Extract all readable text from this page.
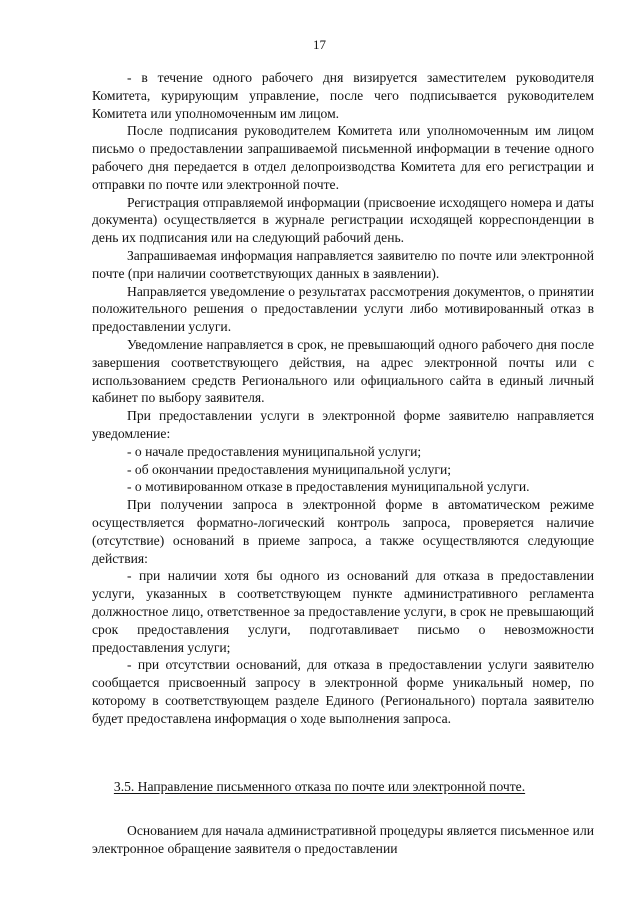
17

- в течение одного рабочего дня визируется заместителем руководителя Комитета, курирующим управление, после чего подписывается руководителем Комитета или уполномоченным им лицом.

После подписания руководителем Комитета или уполномоченным им лицом письмо о предоставлении запрашиваемой письменной информации в течение одного рабочего дня передается в отдел делопроизводства Комитета для его регистрации и отправки по почте или электронной почте.

Регистрация отправляемой информации (присвоение исходящего номера и даты документа) осуществляется в журнале регистрации исходящей корреспонденции в день их подписания или на следующий рабочий день.

Запрашиваемая информация направляется заявителю по почте или электронной почте (при наличии соответствующих данных в заявлении).

Направляется уведомление о результатах рассмотрения документов, о принятии положительного решения о предоставлении услуги либо мотивированный отказ в предоставлении услуги.

Уведомление направляется в срок, не превышающий одного рабочего дня после завершения соответствующего действия, на адрес электронной почты или с использованием средств Регионального или официального сайта в единый личный кабинет по выбору заявителя.

При предоставлении услуги в электронной форме заявителю направляется уведомление:

- о начале предоставления муниципальной услуги;

- об окончании предоставления муниципальной услуги;

- о мотивированном отказе в предоставления муниципальной услуги.

При получении запроса в электронной форме в автоматическом режиме осуществляется форматно-логический контроль запроса, проверяется наличие (отсутствие) оснований в приеме запроса, а также осуществляются следующие действия:

- при наличии хотя бы одного из оснований для отказа в предоставлении услуги, указанных в соответствующем пункте административного регламента должностное лицо, ответственное за предоставление услуги, в срок не превышающий срок предоставления услуги, подготавливает письмо о невозможности предоставления услуги;

- при отсутствии оснований, для отказа в предоставлении услуги заявителю сообщается присвоенный запросу в электронной форме уникальный номер, по которому в соответствующем разделе Единого (Регионального) портала заявителю будет предоставлена информация о ходе выполнения запроса.

3.5. Направление письменного отказа по почте или электронной почте.

Основанием для начала административной процедуры является письменное или электронное обращение заявителя о предоставлении
